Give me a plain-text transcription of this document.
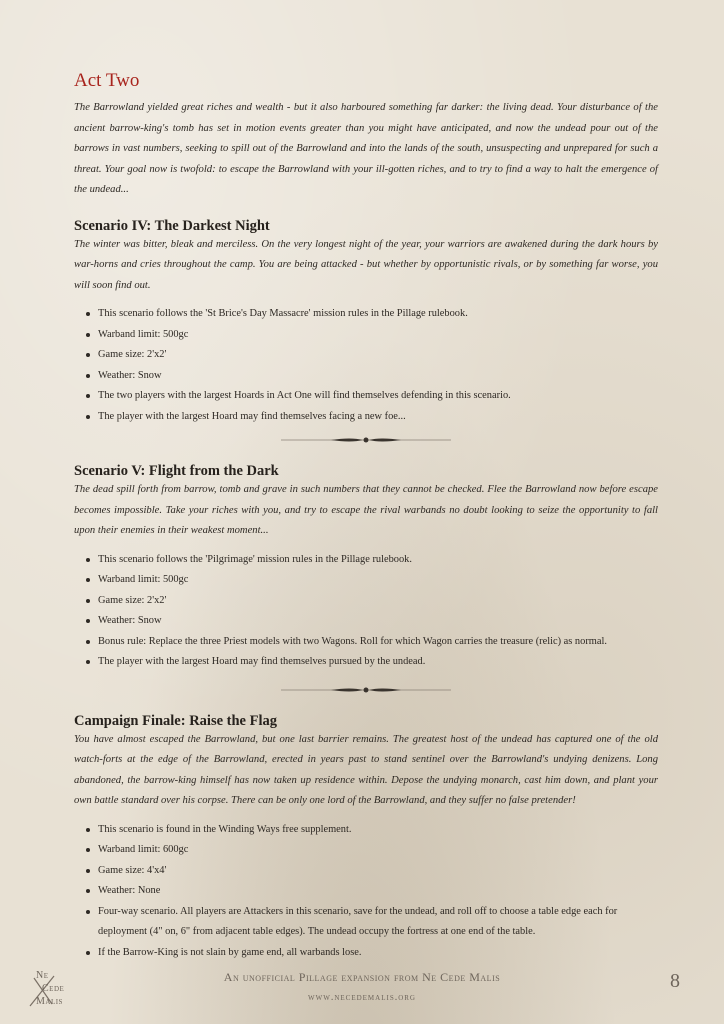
Act Two

The Barrowland yielded great riches and wealth - but it also harboured something far darker: the living dead. Your disturbance of the ancient barrow-king's tomb has set in motion events greater than you might have anticipated, and now the undead pour out of the barrows in vast numbers, seeking to spill out of the Barrowland and into the lands of the south, unsuspecting and unprepared for such a threat. Your goal now is twofold: to escape the Barrowland with your ill-gotten riches, and to try to find a way to halt the emergence of the undead...

Scenario IV: The Darkest Night

The winter was bitter, bleak and merciless. On the very longest night of the year, your warriors are awakened during the dark hours by war-horns and cries throughout the camp. You are being attacked - but whether by opportunistic rivals, or by something far worse, you will soon find out.

This scenario follows the 'St Brice's Day Massacre' mission rules in the Pillage rulebook.
Warband limit: 500gc
Game size: 2'x2'
Weather: Snow
The two players with the largest Hoards in Act One will find themselves defending in this scenario.
The player with the largest Hoard may find themselves facing a new foe...
Scenario V: Flight from the Dark

The dead spill forth from barrow, tomb and grave in such numbers that they cannot be checked. Flee the Barrowland now before escape becomes impossible. Take your riches with you, and try to escape the rival warbands no doubt looking to seize the opportunity to fall upon their enemies in their weakest moment...

This scenario follows the 'Pilgrimage' mission rules in the Pillage rulebook.
Warband limit: 500gc
Game size: 2'x2'
Weather: Snow
Bonus rule: Replace the three Priest models with two Wagons. Roll for which Wagon carries the treasure (relic) as normal.
The player with the largest Hoard may find themselves pursued by the undead.
Campaign Finale: Raise the Flag

You have almost escaped the Barrowland, but one last barrier remains. The greatest host of the undead has captured one of the old watch-forts at the edge of the Barrowland, erected in years past to stand sentinel over the Barrowland's undying denizens. Long abandoned, the barrow-king himself has now taken up residence within. Depose the undying monarch, cast him down, and plant your own battle standard over his corpse. There can be only one lord of the Barrowland, and they suffer no false pretender!

This scenario is found in the Winding Ways free supplement.
Warband limit: 600gc
Game size: 4'x4'
Weather: None
Four-way scenario. All players are Attackers in this scenario, save for the undead, and roll off to choose a table edge each for deployment (4" on, 6" from adjacent table edges). The undead occupy the fortress at one end of the table.
If the Barrow-King is not slain by game end, all warbands lose.
Ne
Cede
Malis
An unofficial Pillage expansion from Ne Cede Malis
www.necedemalis.org
8
